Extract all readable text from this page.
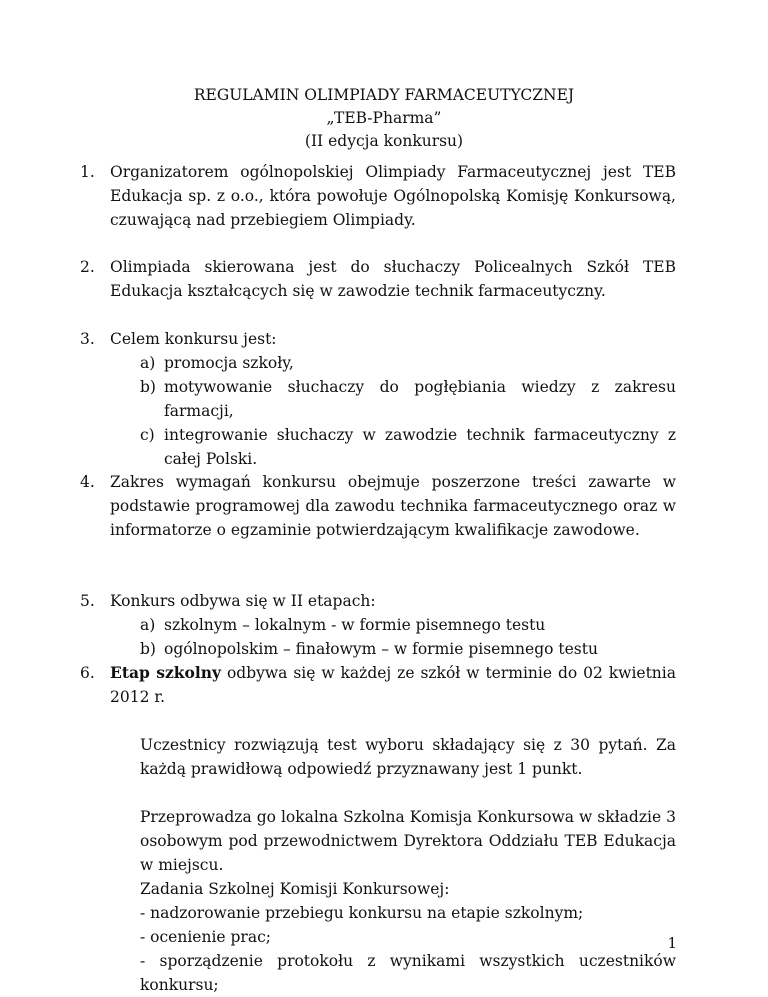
REGULAMIN OLIMPIADY FARMACEUTYCZNEJ
„TEB-Pharma”
(II edycja konkursu)
1. Organizatorem ogólnopolskiej Olimpiady Farmaceutycznej jest TEB Edukacja sp. z o.o., która powołuje Ogólnopolską Komisję Konkursową, czuwającą nad przebiegiem Olimpiady.

2. Olimpiada skierowana jest do słuchaczy Policealnych Szkół TEB Edukacja kształcących się w zawodzie technik farmaceutyczny.

3. Celem konkursu jest:

a) promocja szkoły,
b) motywowanie słuchaczy do pogłębiania wiedzy z zakresu farmacji,

c) integrowanie słuchaczy w zawodzie technik farmaceutyczny z całej Polski.

4. Zakres wymagań konkursu obejmuje poszerzone treści zawarte w podstawie programowej dla zawodu technika farmaceutycznego oraz w informatorze o egzaminie potwierdzającym kwalifikacje zawodowe.

5. Konkurs odbywa się w II etapach:

a) szkolnym – lokalnym - w formie pisemnego testu
b) ogólnopolskim – finałowym – w formie pisemnego testu
6. Etap szkolny odbywa się w każdej ze szkół w terminie do 02 kwietnia 2012 r.

Uczestnicy rozwiązują test wyboru składający się z 30 pytań. Za każdą prawidłową odpowiedź przyznawany jest 1 punkt.

Przeprowadza go lokalna Szkolna Komisja Konkursowa w składzie 3 osobowym pod przewodnictwem Dyrektora Oddziału TEB Edukacja w miejscu.

Zadania Szkolnej Komisji Konkursowej:

- nadzorowanie przebiegu konkursu na etapie szkolnym;

- ocenienie prac;

- sporządzenie protokołu z wynikami wszystkich uczestników konkursu;

1
